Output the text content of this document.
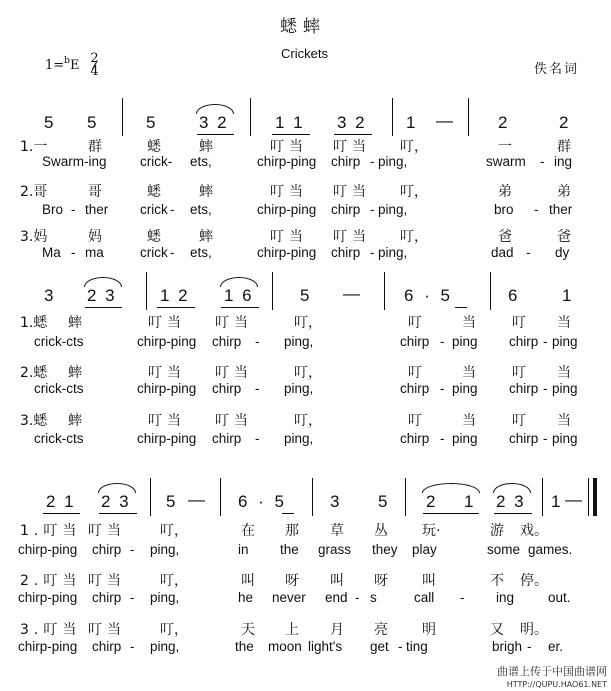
蟋蟀
Crickets
1=$^b$E 2
4	佚名词
5 5	5	3 2	1 1 3 2 1 —	2	2
1.一	群	蟋	蟀	叮当 叮当 叮，	一	群
Swarm-ing crick- ets,	chirp-ping chirp - ping,	swarm - ing
2.哥	哥	蟋	蟀	叮当 叮当 叮，	弟	弟
Bro - ther crick - ets,	chirp-ping chirp - ping,	bro - ther
3.妈	妈	蟋	蟀	叮当 叮当 叮，	爸	爸
Ma - ma	crick - ets,	chirp-ping chirp - ping,	dad - dy
3 2 3	1 2 1 6	5 —	6 · 5	6	1
1.蟋 蟀	叮当 叮当	叮，	叮	当	叮 当
crick-cts	chirp-ping chirp - ping,	chirp - ping chirp - ping
2.蟋 蟀	叮当 叮当	叮，	叮	当	叮 当
crick-cts	chirp-ping chirp - ping,	chirp - ping chirp - ping
3.蟋 蟀	叮当 叮当	叮，	叮	当	叮 当
crick-cts	chirp-ping chirp - ping,	chirp - ping chirp - ping
2 1 2 3 5 — 6 · 5	3 5 2 1 2 3 1 —
1.叮当 叮当 叮，	在 那 草 丛 玩·	游 戏。
chirp-ping chirp - ping,	in the grass they play	some games.
2.叮当 叮当 叮，	叫 呀 叫 呀 叫	不 停。
chirp-ping chirp - ping,	he never end - s	call - ing	out.
3.叮当 叮当 叮，	天 上 月 亮 明	又 明。
chirp-ping chirp - ping,	the moon light's get - ting	brigh - er.
曲谱上传于中国曲谱网
HTTP://QUPU.HAO61.NET
